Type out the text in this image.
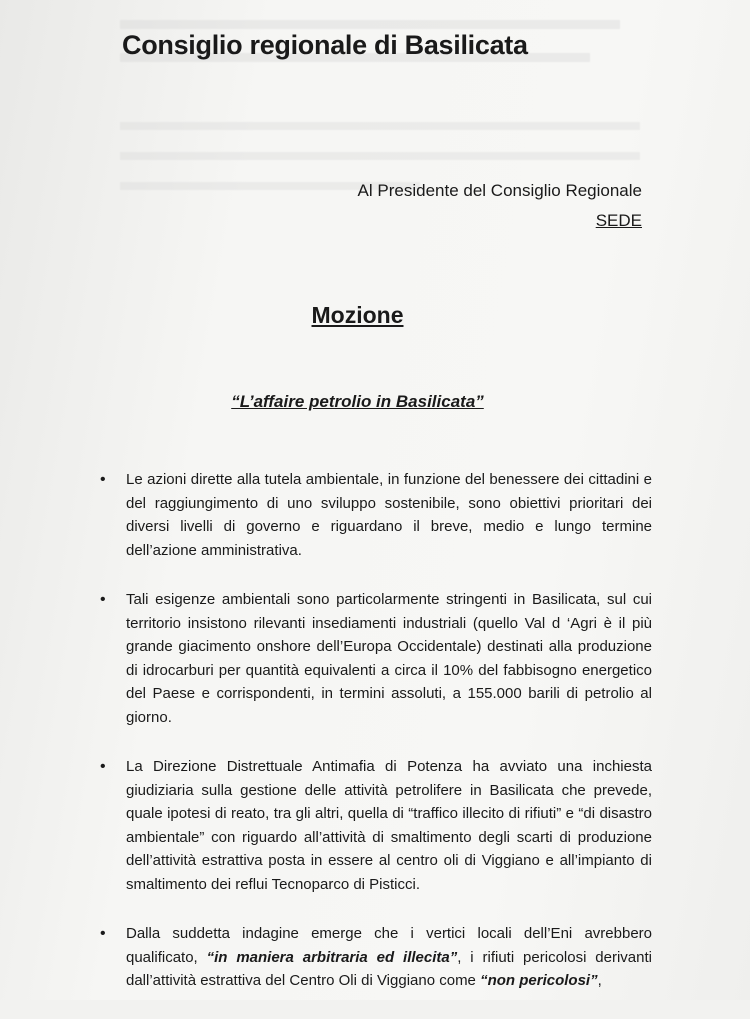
Consiglio regionale di Basilicata
Al Presidente del Consiglio Regionale
SEDE
Mozione
“L’affaire petrolio in Basilicata”
• Le azioni dirette alla tutela ambientale, in funzione del benessere dei cittadini e del raggiungimento di uno sviluppo sostenibile, sono obiettivi prioritari dei diversi livelli di governo e riguardano il breve, medio e lungo termine dell’azione amministrativa.

• Tali esigenze ambientali sono particolarmente stringenti in Basilicata, sul cui territorio insistono rilevanti insediamenti industriali (quello Val d ‘Agri è il più grande giacimento onshore dell’Europa Occidentale) destinati alla produzione di idrocarburi per quantità equivalenti a circa il 10% del fabbisogno energetico del Paese e corrispondenti, in termini assoluti, a 155.000 barili di petrolio al giorno.

• La Direzione Distrettuale Antimafia di Potenza ha avviato una inchiesta giudiziaria sulla gestione delle attività petrolifere in Basilicata che prevede, quale ipotesi di reato, tra gli altri, quella di “traffico illecito di rifiuti” e “di disastro ambientale” con riguardo all’attività di smaltimento degli scarti di produzione dell’attività estrattiva posta in essere al centro oli di Viggiano e all’impianto di smaltimento dei reflui Tecnoparco di Pisticci.

• Dalla suddetta indagine emerge che i vertici locali dell’Eni avrebbero qualificato, “in maniera arbitraria ed illecita”, i rifiuti pericolosi derivanti dall’attività estrattiva del Centro Oli di Viggiano come “non pericolosi”,
